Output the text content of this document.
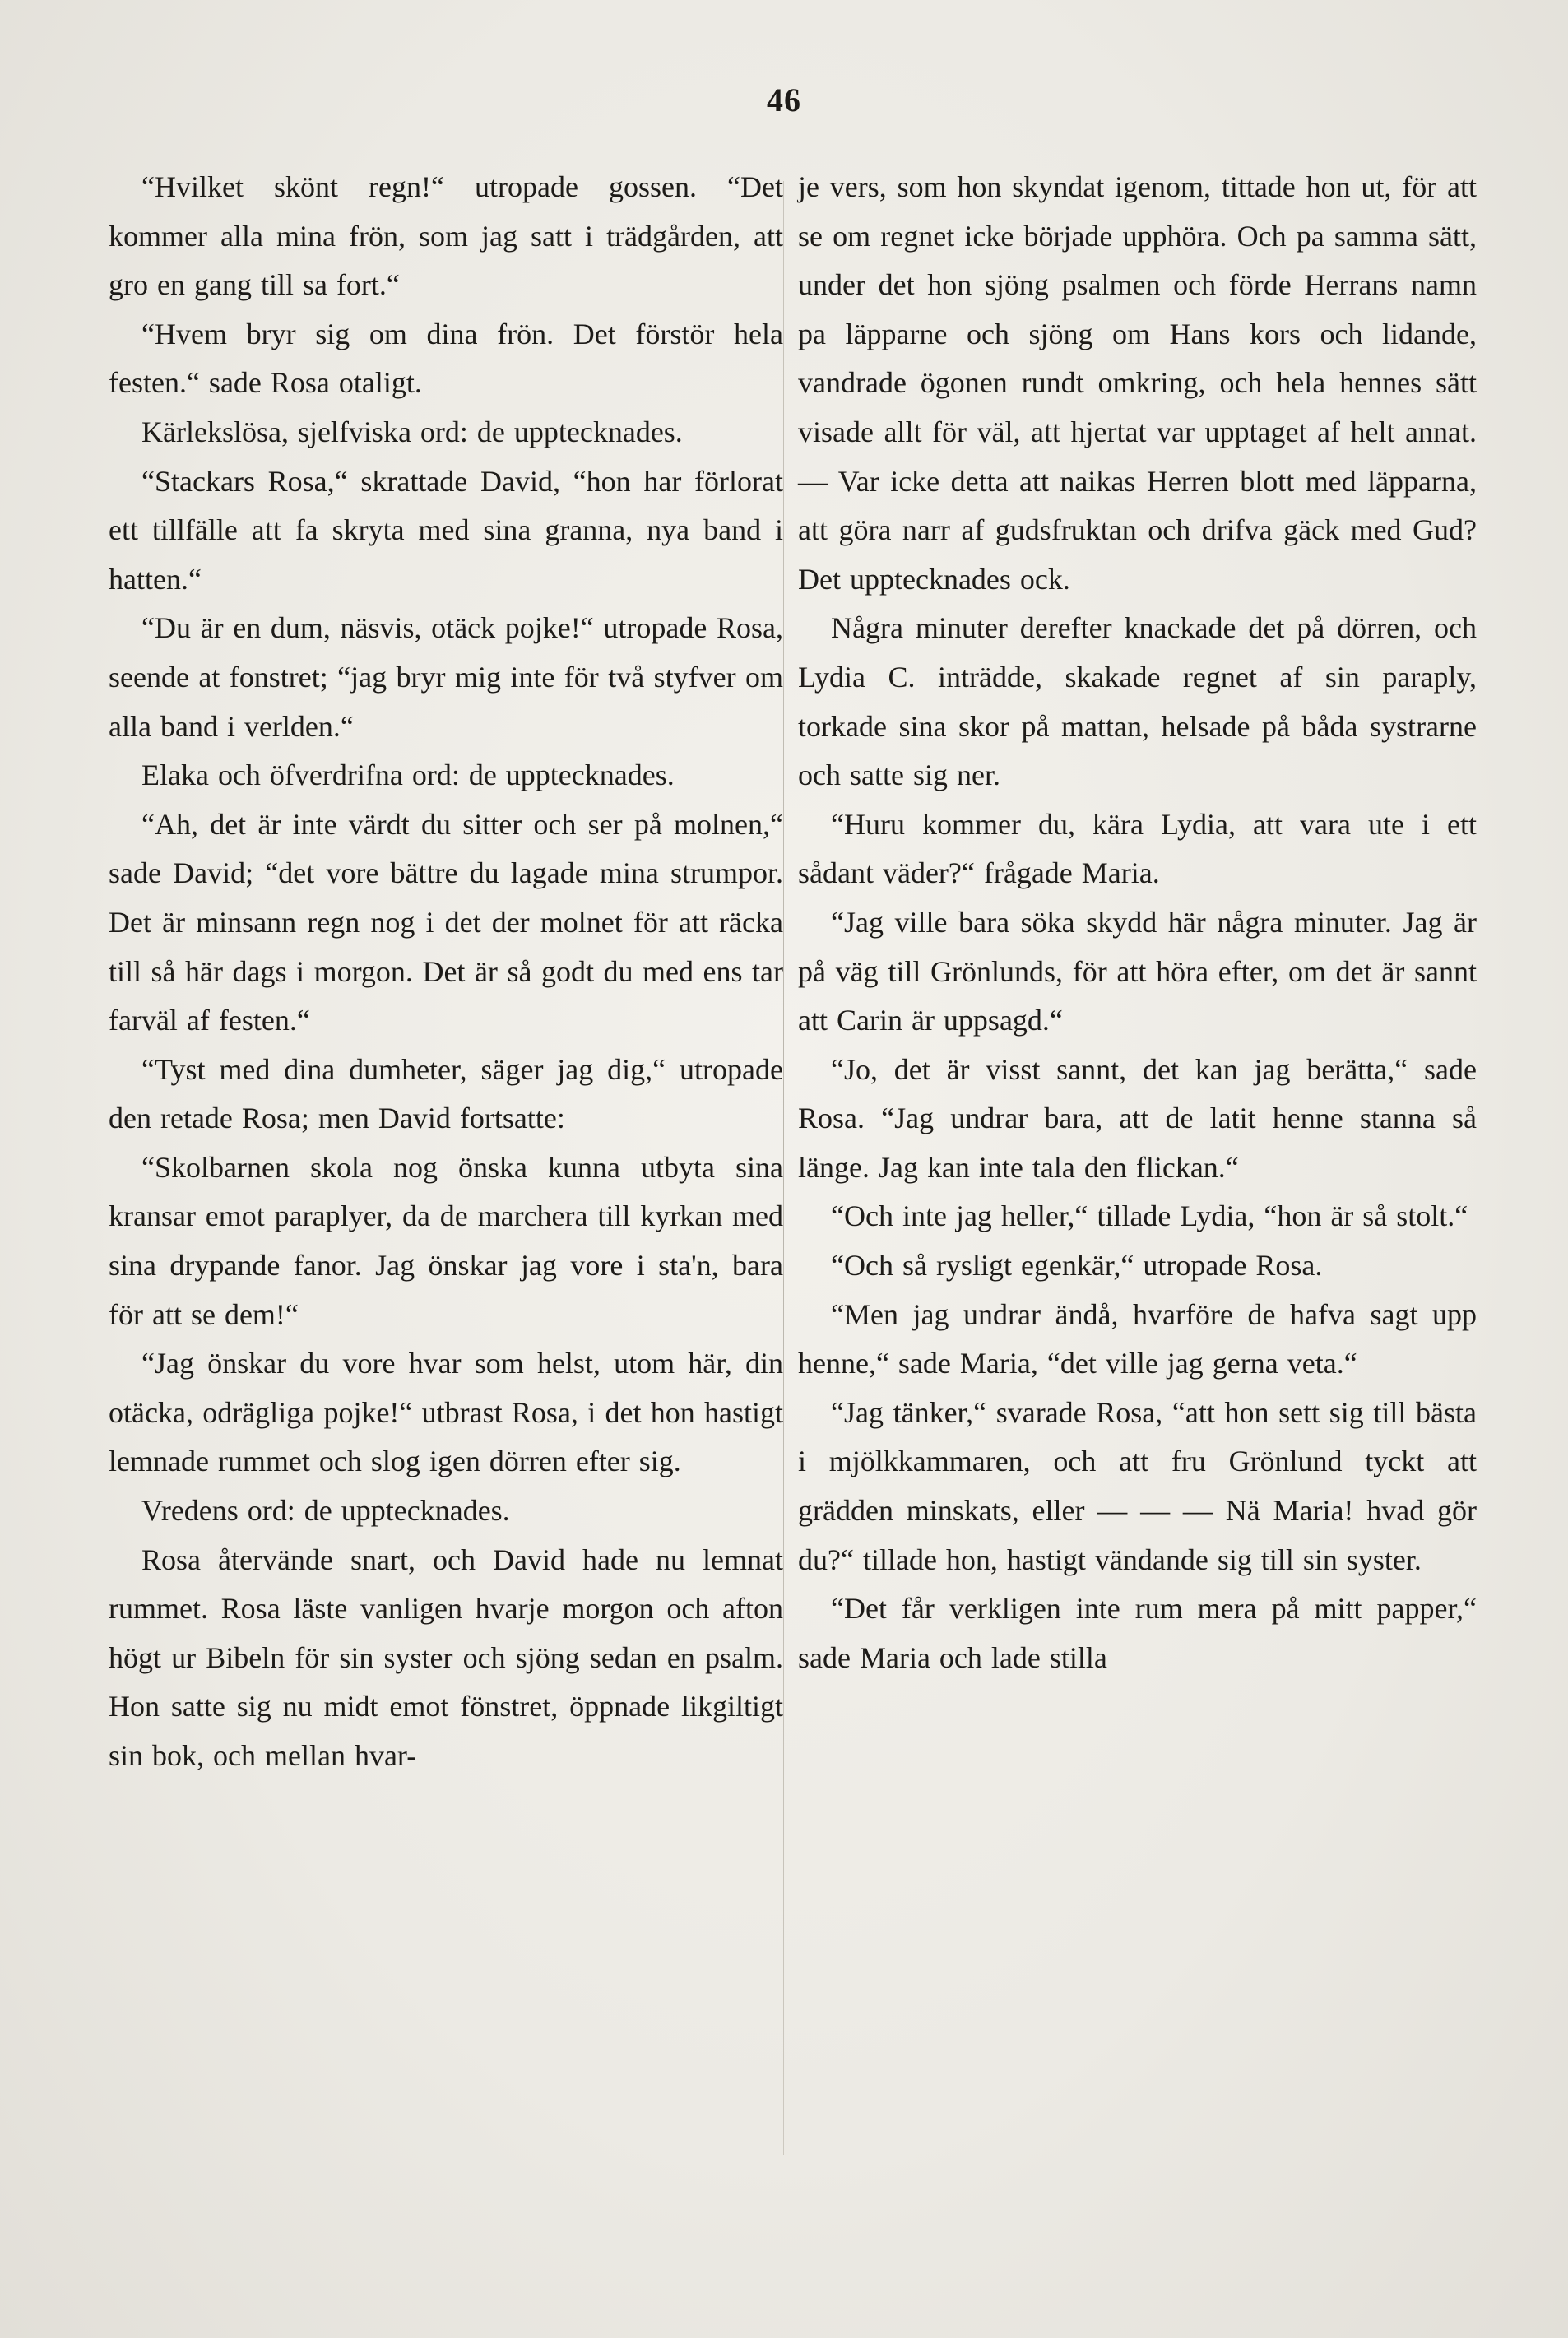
46

“Hvilket skönt regn!“ utropade gossen. “Det kommer alla mina frön, som jag satt i trädgården, att gro en gang till sa fort.“

“Hvem bryr sig om dina frön. Det förstör hela festen.“ sade Rosa otaligt.

Kärlekslösa, sjelfviska ord: de upptecknades.

“Stackars Rosa,“ skrattade David, “hon har förlorat ett tillfälle att fa skryta med sina granna, nya band i hatten.“

“Du är en dum, näsvis, otäck pojke!“ utropade Rosa, seende at fonstret; “jag bryr mig inte för två styfver om alla band i verlden.“

Elaka och öfverdrifna ord: de upptecknades.

“Ah, det är inte värdt du sitter och ser på molnen,“ sade David; “det vore bättre du lagade mina strumpor. Det är minsann regn nog i det der molnet för att räcka till så här dags i morgon. Det är så godt du med ens tar farväl af festen.“

“Tyst med dina dumheter, säger jag dig,“ utropade den retade Rosa; men David fortsatte:

“Skolbarnen skola nog önska kunna utbyta sina kransar emot paraplyer, da de marchera till kyrkan med sina drypande fanor. Jag önskar jag vore i sta'n, bara för att se dem!“

“Jag önskar du vore hvar som helst, utom här, din otäcka, odrägliga pojke!“ utbrast Rosa, i det hon hastigt lemnade rummet och slog igen dörren efter sig.

Vredens ord: de upptecknades.

Rosa återvände snart, och David hade nu lemnat rummet. Rosa läste vanligen hvarje morgon och afton högt ur Bibeln för sin syster och sjöng sedan en psalm. Hon satte sig nu midt emot fönstret, öppnade likgiltigt sin bok, och mellan hvar-

je vers, som hon skyndat igenom, tittade hon ut, för att se om regnet icke började upphöra. Och pa samma sätt, under det hon sjöng psalmen och förde Herrans namn pa läpparne och sjöng om Hans kors och lidande, vandrade ögonen rundt omkring, och hela hennes sätt visade allt för väl, att hjertat var upptaget af helt annat. — Var icke detta att naikas Herren blott med läpparna, att göra narr af gudsfruktan och drifva gäck med Gud? Det upptecknades ock.

Några minuter derefter knackade det på dörren, och Lydia C. inträdde, skakade regnet af sin paraply, torkade sina skor på mattan, helsade på båda systrarne och satte sig ner.

“Huru kommer du, kära Lydia, att vara ute i ett sådant väder?“ frågade Maria.

“Jag ville bara söka skydd här några minuter. Jag är på väg till Grönlunds, för att höra efter, om det är sannt att Carin är uppsagd.“

“Jo, det är visst sannt, det kan jag berätta,“ sade Rosa. “Jag undrar bara, att de latit henne stanna så länge. Jag kan inte tala den flickan.“

“Och inte jag heller,“ tillade Lydia, “hon är så stolt.“

“Och så rysligt egenkär,“ utropade Rosa.

“Men jag undrar ändå, hvarföre de hafva sagt upp henne,“ sade Maria, “det ville jag gerna veta.“

“Jag tänker,“ svarade Rosa, “att hon sett sig till bästa i mjölkkammaren, och att fru Grönlund tyckt att grädden minskats, eller — — — Nä Maria! hvad gör du?“ tillade hon, hastigt vändande sig till sin syster.

“Det får verkligen inte rum mera på mitt papper,“ sade Maria och lade stilla
